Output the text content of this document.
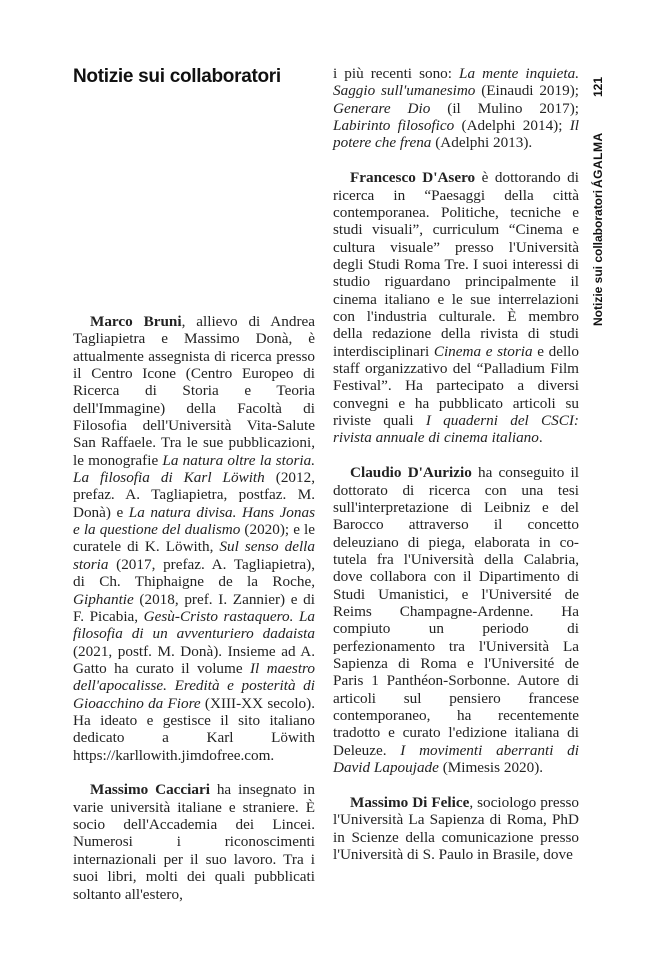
Notizie sui collaboratori	121
ÁGALMA
Notizie sui collaboratori

Marco Bruni, allievo di Andrea Tagliapietra e Massimo Donà, è attualmente assegnista di ricerca presso il Centro Icone (Centro Europeo di Ricerca di Storia e Teoria dell'Immagine) della Facoltà di Filosofia dell'Università Vita-Salute San Raffaele. Tra le sue pubblicazioni, le monografie La natura oltre la storia. La filosofia di Karl Löwith (2012, prefaz. A. Tagliapietra, postfaz. M. Donà) e La natura divisa. Hans Jonas e la questione del dualismo (2020); e le curatele di K. Löwith, Sul senso della storia (2017, prefaz. A. Tagliapietra), di Ch. Thiphaigne de la Roche, Giphantie (2018, pref. I. Zannier) e di F. Picabia, Gesù-Cristo rastaquero. La filosofia di un avventuriero dadaista (2021, postf. M. Donà). Insieme ad A. Gatto ha curato il volume Il maestro dell'apocalisse. Eredità e posterità di Gioacchino da Fiore (XIII-XX secolo). Ha ideato e gestisce il sito italiano dedicato a Karl Löwith https://karllowith.jimdofree.com.

Massimo Cacciari ha insegnato in varie università italiane e straniere. È socio dell'Accademia dei Lincei. Numerosi i riconoscimenti internazionali per il suo lavoro. Tra i suoi libri, molti dei quali pubblicati soltanto all'estero,

i più recenti sono: La mente inquieta. Saggio sull'umanesimo (Einaudi 2019); Generare Dio (il Mulino 2017); Labirinto filosofico (Adelphi 2014); Il potere che frena (Adelphi 2013).

Francesco D'Asero è dottorando di ricerca in “Paesaggi della città contemporanea. Politiche, tecniche e studi visuali”, curriculum “Cinema e cultura visuale” presso l'Università degli Studi Roma Tre. I suoi interessi di studio riguardano principalmente il cinema italiano e le sue interrelazioni con l'industria culturale. È membro della redazione della rivista di studi interdisciplinari Cinema e storia e dello staff organizzativo del “Palladium Film Festival”. Ha partecipato a diversi convegni e ha pubblicato articoli su riviste quali I quaderni del CSCI: rivista annuale di cinema italiano.

Claudio D'Aurizio ha conseguito il dottorato di ricerca con una tesi sull'interpretazione di Leibniz e del Barocco attraverso il concetto deleuziano di piega, elaborata in co-tutela fra l'Università della Calabria, dove collabora con il Dipartimento di Studi Umanistici, e l'Université de Reims Champagne-Ardenne. Ha compiuto un periodo di perfezionamento tra l'Università La Sapienza di Roma e l'Université de Paris 1 Panthéon-Sorbonne. Autore di articoli sul pensiero francese contemporaneo, ha recentemente tradotto e curato l'edizione italiana di Deleuze. I movimenti aberranti di David Lapoujade (Mimesis 2020).

Massimo Di Felice, sociologo presso l'Università La Sapienza di Roma, PhD in Scienze della comunicazione presso l'Università di S. Paulo in Brasile, dove
